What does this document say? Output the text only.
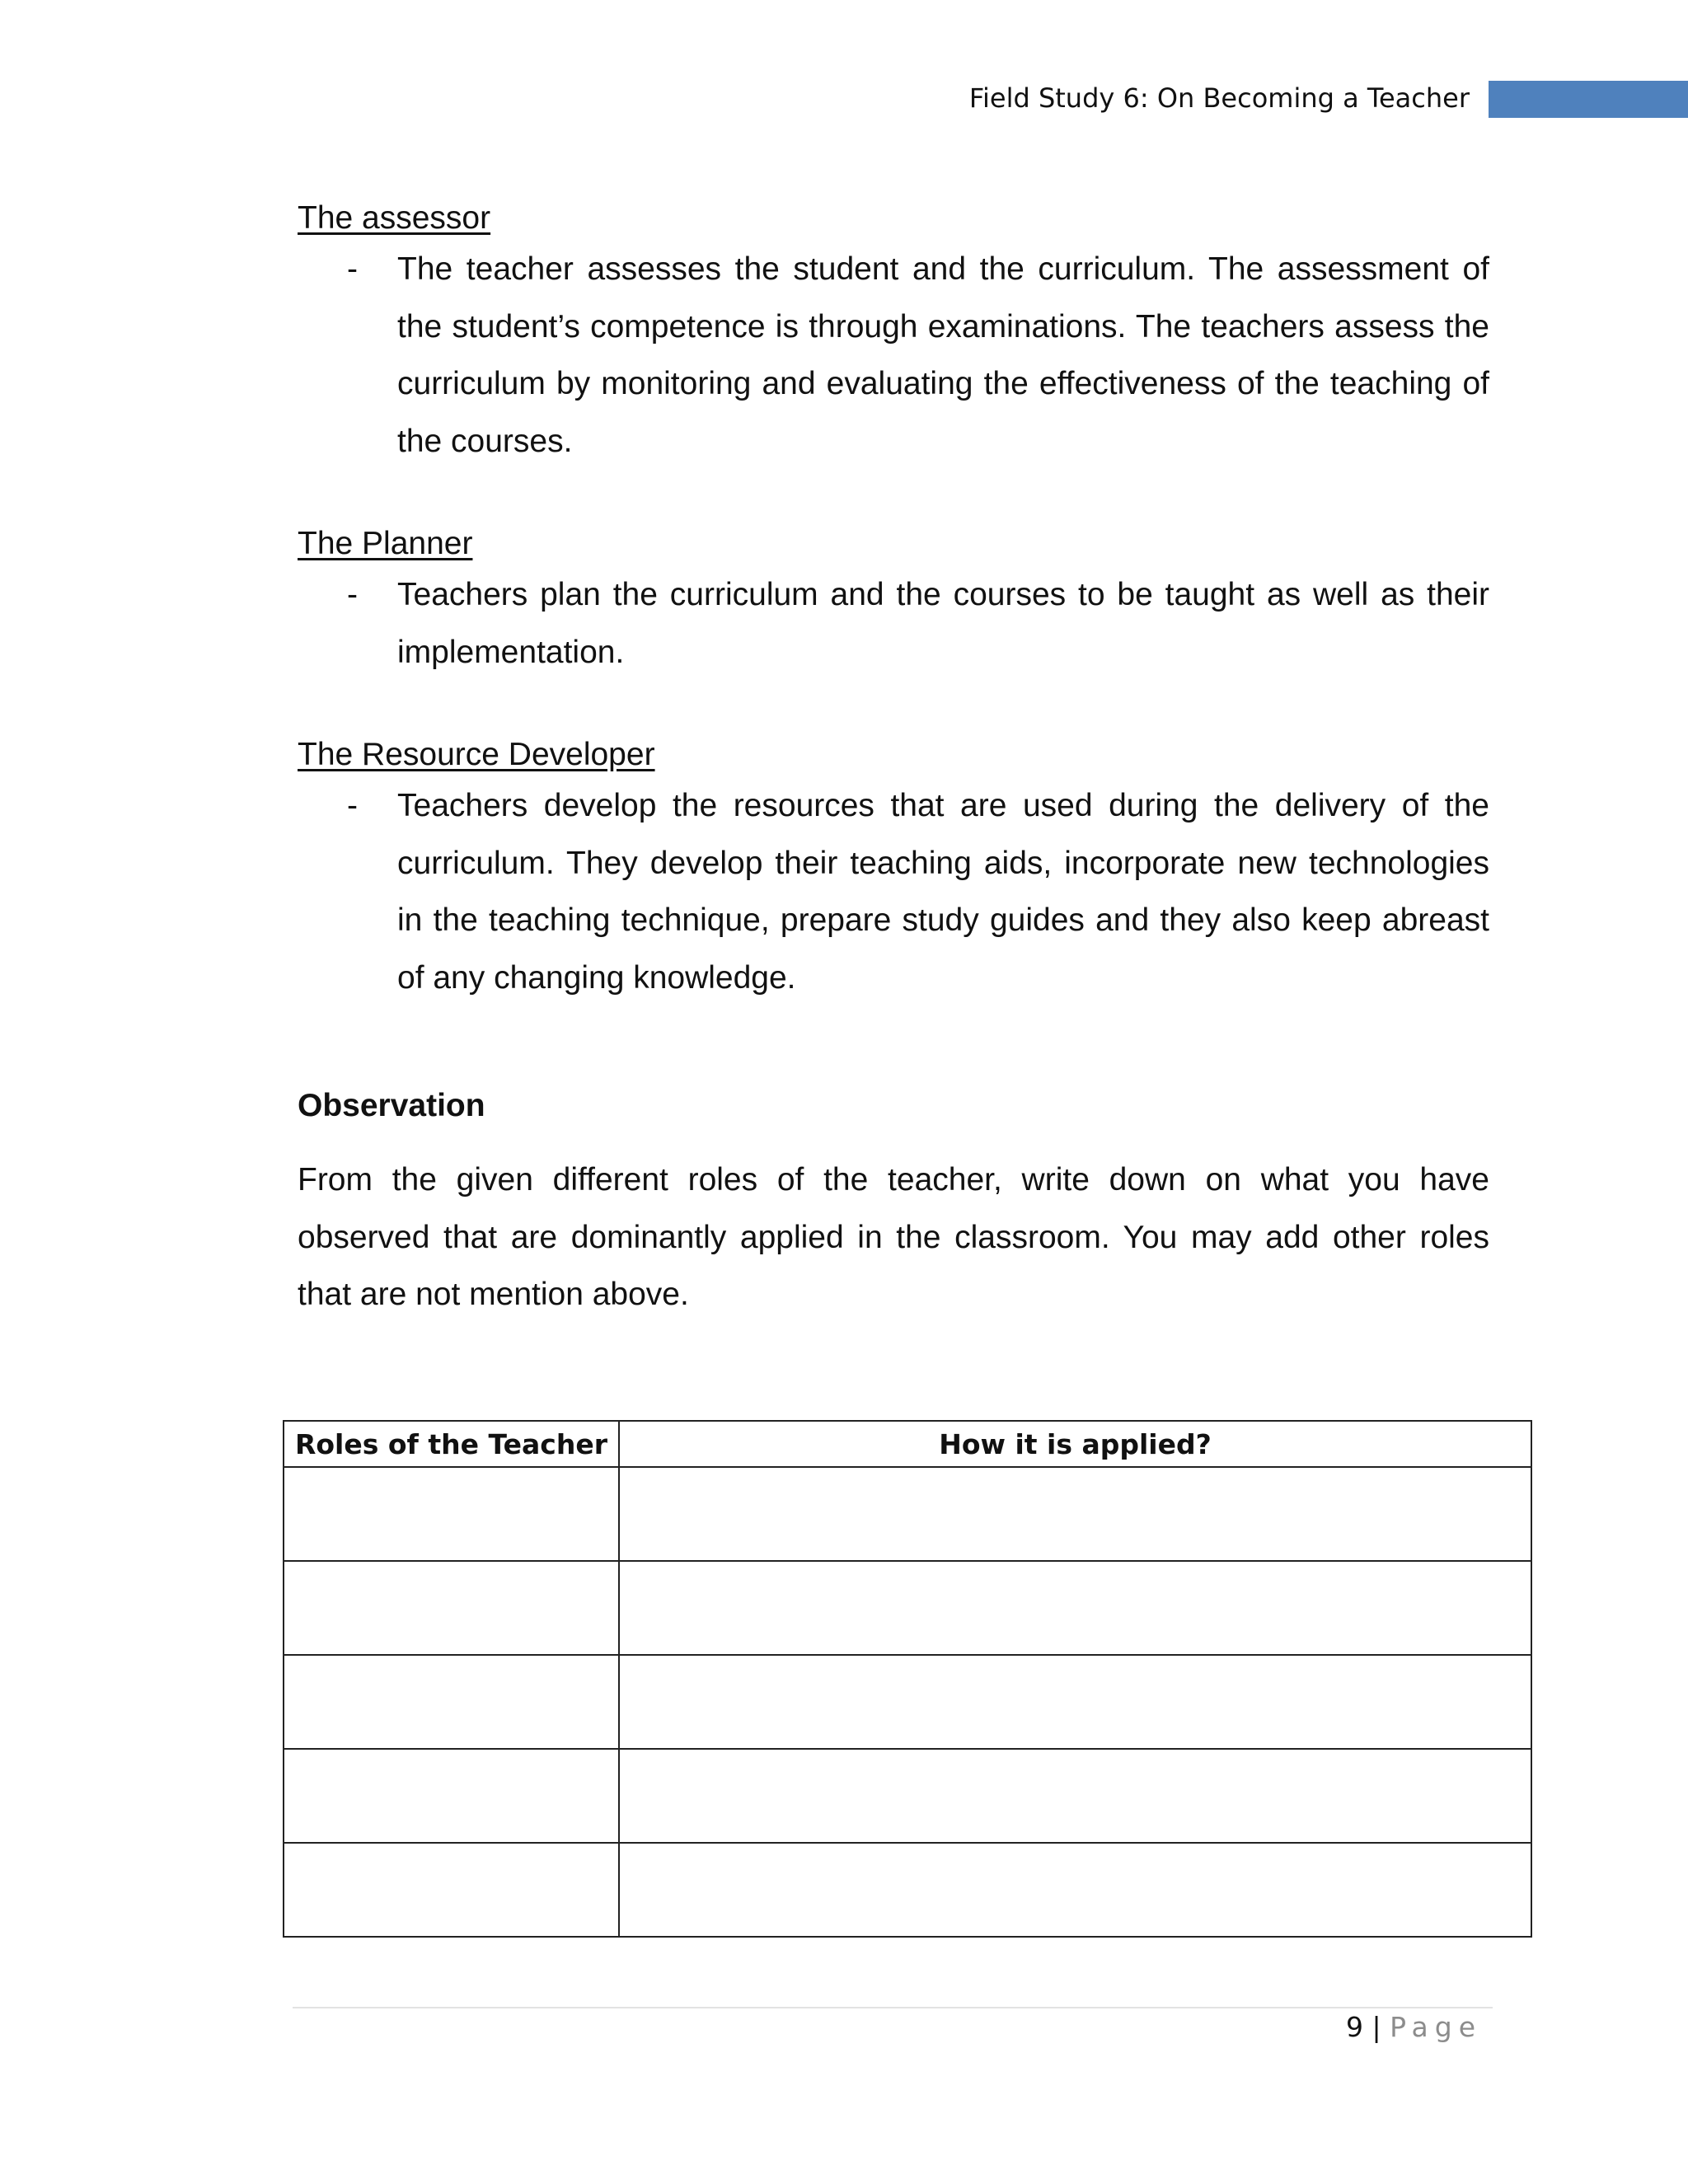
Field Study 6: On Becoming a Teacher

The assessor

- The teacher assesses the student and the curriculum. The assessment of the student’s competence is through examinations. The teachers assess the curriculum by monitoring and evaluating the effectiveness of the teaching of the courses.

The Planner

- Teachers plan the curriculum and the courses to be taught as well as their implementation.

The Resource Developer

- Teachers develop the resources that are used during the delivery of the curriculum. They develop their teaching aids, incorporate new technologies in the teaching technique, prepare study guides and they also keep abreast of any changing knowledge.

Observation

From the given different roles of the teacher, write down on what you have observed that are dominantly applied in the classroom. You may add other roles that are not mention above.

Roles of the Teacher	How it is applied?

9 | Page
